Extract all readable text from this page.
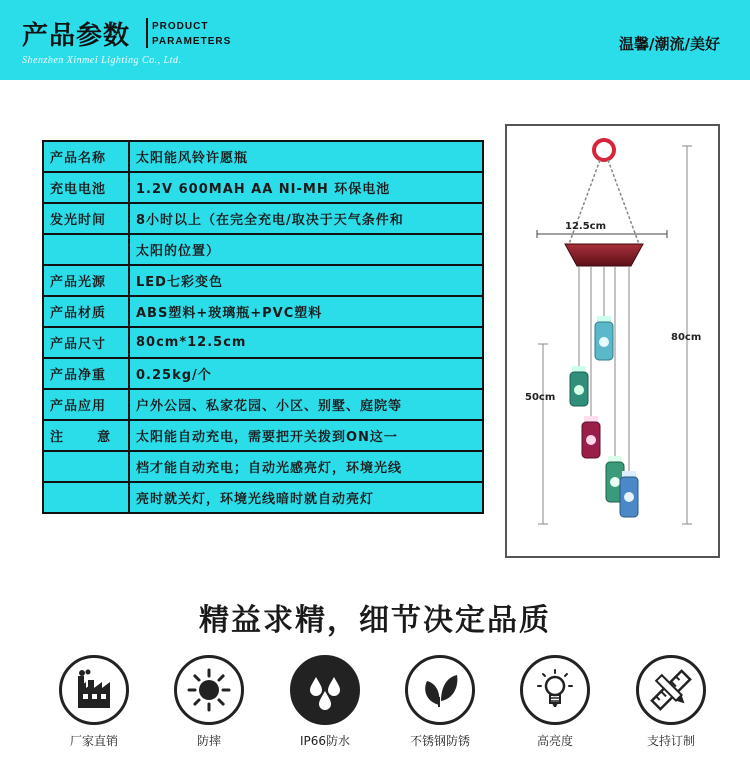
产品参数 PRODUCT
PARAMETERS
Shenzhen Xinmei Lighting Co., Ltd.
温馨/潮流/美好
产品名称	太阳能风铃许愿瓶
充电电池	1.2V 600MAH AA NI-MH 环保电池
发光时间	8小时以上（在完全充电/取决于天气条件和
	太阳的位置）
产品光源	LED七彩变色
产品材质	ABS塑料+玻璃瓶+PVC塑料
产品尺寸	80cm*12.5cm
产品净重	0.25kg/个
产品应用	户外公园、私家花园、小区、别墅、庭院等
注      意	太阳能自动充电，需要把开关拨到ON这一
	档才能自动充电；自动光感亮灯，环境光线
	亮时就关灯，环境光线暗时就自动亮灯
12.5cm
80cm
50cm
精益求精，细节决定品质
厂家直销	防摔	IP66防水	不锈钢防锈	高亮度	支持订制
